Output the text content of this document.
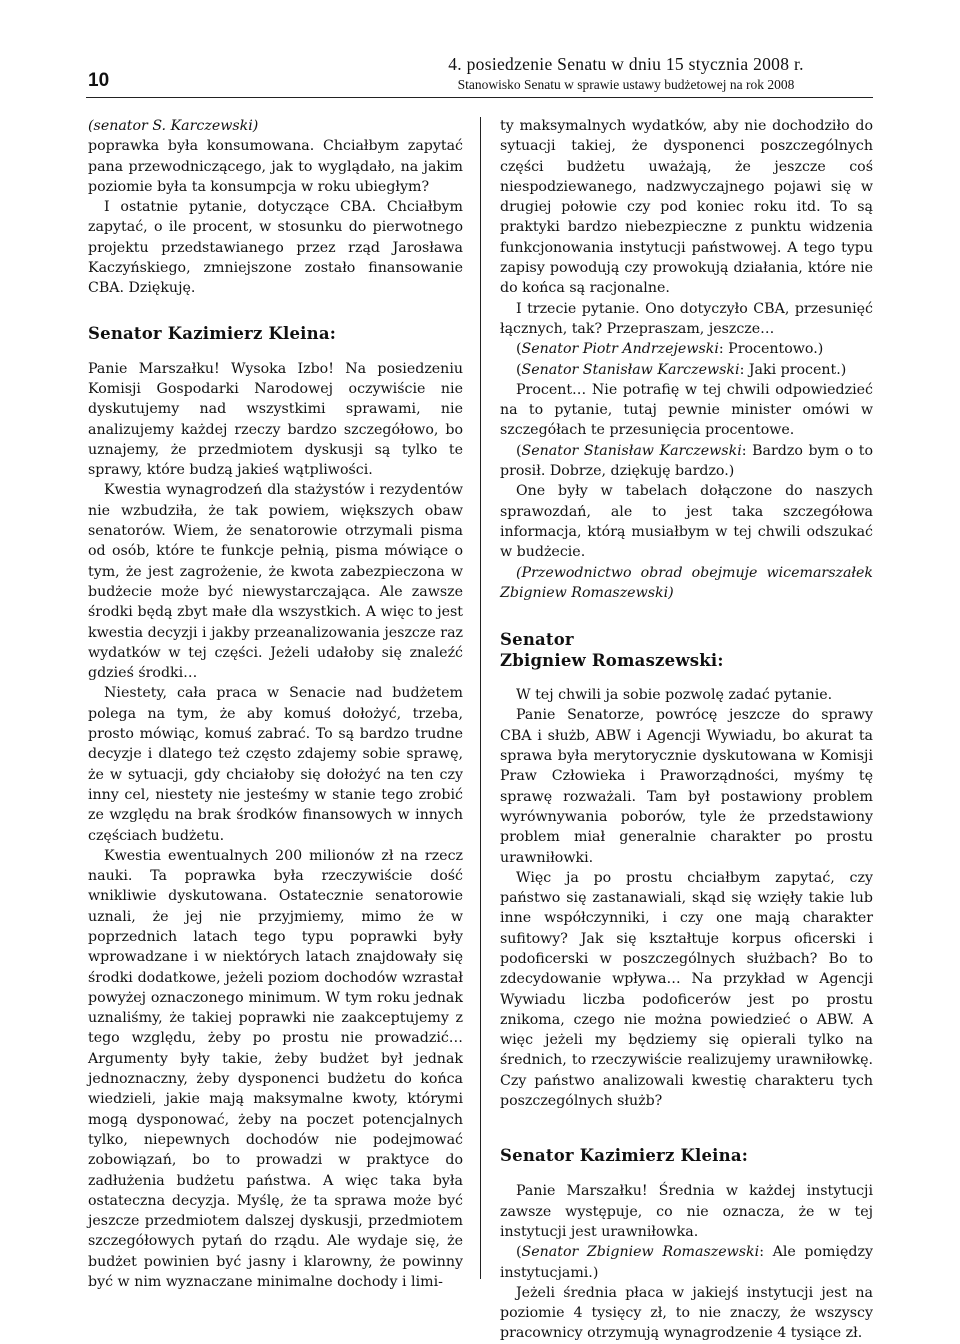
4. posiedzenie Senatu w dniu 15 stycznia 2008 r.
Stanowisko Senatu w sprawie ustawy budżetowej na rok 2008
10

(senator S. Karczewski)

poprawka była konsumowana. Chciałbym zapytać pana przewodniczącego, jak to wyglądało, na jakim poziomie była ta konsumpcja w roku ubiegłym?

I ostatnie pytanie, dotyczące CBA. Chciałbym zapytać, o ile procent, w stosunku do pierwotnego projektu przedstawianego przez rząd Jarosława Kaczyńskiego, zmniejszone zostało finansowanie CBA. Dziękuję.

Senator Kazimierz Kleina:

Panie Marszałku! Wysoka Izbo! Na posiedzeniu Komisji Gospodarki Narodowej oczywiście nie dyskutujemy nad wszystkimi sprawami, nie analizujemy każdej rzeczy bardzo szczegółowo, bo uznajemy, że przedmiotem dyskusji są tylko te sprawy, które budzą jakieś wątpliwości.

Kwestia wynagrodzeń dla stażystów i rezydentów nie wzbudziła, że tak powiem, większych obaw senatorów. Wiem, że senatorowie otrzymali pisma od osób, które te funkcje pełnią, pisma mówiące o tym, że jest zagrożenie, że kwota zabezpieczona w budżecie może być niewystarczająca. Ale zawsze środki będą zbyt małe dla wszystkich. A więc to jest kwestia decyzji i jakby przeanalizowania jeszcze raz wydatków w tej części. Jeżeli udałoby się znaleźć gdzieś środki…

Niestety, cała praca w Senacie nad budżetem polega na tym, że aby komuś dołożyć, trzeba, prosto mówiąc, komuś zabrać. To są bardzo trudne decyzje i dlatego też często zdajemy sobie sprawę, że w sytuacji, gdy chciałoby się dołożyć na ten czy inny cel, niestety nie jesteśmy w stanie tego zrobić ze względu na brak środków finansowych w innych częściach budżetu.

Kwestia ewentualnych 200 milionów zł na rzecz nauki. Ta poprawka była rzeczywiście dość wnikliwie dyskutowana. Ostatecznie senatorowie uznali, że jej nie przyjmiemy, mimo że w poprzednich latach tego typu poprawki były wprowadzane i w niektórych latach znajdowały się środki dodatkowe, jeżeli poziom dochodów wzrastał powyżej oznaczonego minimum. W tym roku jednak uznaliśmy, że takiej poprawki nie zaakceptujemy z tego względu, żeby po prostu nie prowadzić… Argumenty były takie, żeby budżet był jednak jednoznaczny, żeby dysponenci budżetu do końca wiedzieli, jakie mają maksymalne kwoty, którymi mogą dysponować, żeby na poczet potencjalnych tylko, niepewnych dochodów nie podejmować zobowiązań, bo to prowadzi w praktyce do zadłużenia budżetu państwa. A więc taka była ostateczna decyzja. Myślę, że ta sprawa może być jeszcze przedmiotem dalszej dyskusji, przedmiotem szczegółowych pytań do rządu. Ale wydaje się, że budżet powinien być jasny i klarowny, że powinny być w nim wyznaczane minimalne dochody i limi-

ty maksymalnych wydatków, aby nie dochodziło do sytuacji takiej, że dysponenci poszczególnych części budżetu uważają, że jeszcze coś niespodziewanego, nadzwyczajnego pojawi się w drugiej połowie czy pod koniec roku itd. To są praktyki bardzo niebezpieczne z punktu widzenia funkcjonowania instytucji państwowej. A tego typu zapisy powodują czy prowokują działania, które nie do końca są racjonalne.

I trzecie pytanie. Ono dotyczyło CBA, przesunięć łącznych, tak? Przepraszam, jeszcze…

(Senator Piotr Andrzejewski: Procentowo.)

(Senator Stanisław Karczewski: Jaki procent.)

Procent… Nie potrafię w tej chwili odpowiedzieć na to pytanie, tutaj pewnie minister omówi w szczegółach te przesunięcia procentowe.

(Senator Stanisław Karczewski: Bardzo bym o to prosił. Dobrze, dziękuję bardzo.)

One były w tabelach dołączone do naszych sprawozdań, ale to jest taka szczegółowa informacja, którą musiałbym w tej chwili odszukać w budżecie.

(Przewodnictwo obrad obejmuje wicemarszałek Zbigniew Romaszewski)

Senator
Zbigniew Romaszewski:

W tej chwili ja sobie pozwolę zadać pytanie.

Panie Senatorze, powrócę jeszcze do sprawy CBA i służb, ABW i Agencji Wywiadu, bo akurat ta sprawa była merytorycznie dyskutowana w Komisji Praw Człowieka i Praworządności, myśmy tę sprawę rozważali. Tam był postawiony problem wyrównywania poborów, tyle że przedstawiony problem miał generalnie charakter po prostu urawniłowki.

Więc ja po prostu chciałbym zapytać, czy państwo się zastanawiali, skąd się wzięły takie lub inne współczynniki, i czy one mają charakter sufitowy? Jak się kształtuje korpus oficerski i podoficerski w poszczególnych służbach? Bo to zdecydowanie wpływa… Na przykład w Agencji Wywiadu liczba podoficerów jest po prostu znikoma, czego nie można powiedzieć o ABW. A więc jeżeli my będziemy się opierali tylko na średnich, to rzeczywiście realizujemy urawniłowkę. Czy państwo analizowali kwestię charakteru tych poszczególnych służb?

Senator Kazimierz Kleina:

Panie Marszałku! Średnia w każdej instytucji zawsze występuje, co nie oznacza, że w tej instytucji jest urawniłowka.

(Senator Zbigniew Romaszewski: Ale pomiędzy instytucjami.)

Jeżeli średnia płaca w jakiejś instytucji jest na poziomie 4 tysięcy zł, to nie znaczy, że wszyscy pracownicy otrzymują wynagrodzenie 4 tysiące zł.
